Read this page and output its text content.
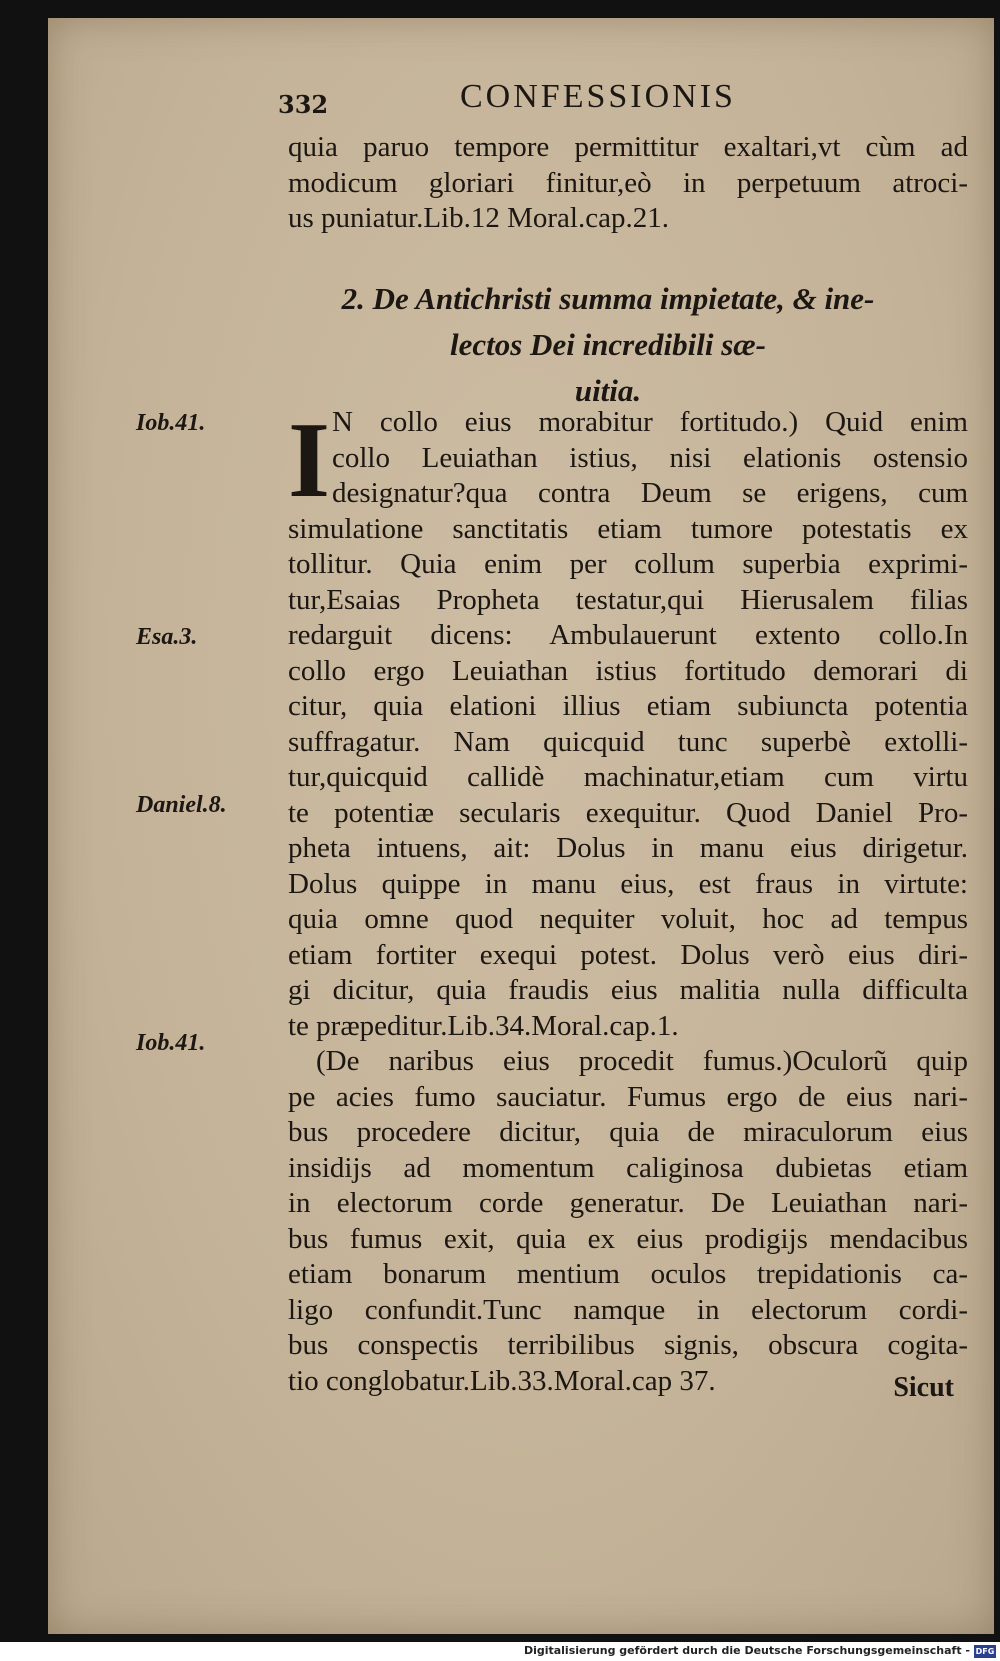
332	CONFESSIONIS
quia paruo tempore permittitur exaltari,vt cùm ad
modicum gloriari finitur,eò in perpetuum atroci-
us puniatur.Lib.12 Moral.cap.21.
2. De Antichristi summa impietate, & ine-
lectos Dei incredibili sæ-
uitia.
I N collo eius morabitur fortitudo.) Quid enim
collo Leuiathan istius, nisi elationis ostensio
designatur?qua contra Deum se erigens, cum
simulatione sanctitatis etiam tumore potestatis ex
tollitur. Quia enim per collum superbia exprimi-
tur,Esaias Propheta testatur,qui Hierusalem filias
redarguit dicens: Ambulauerunt extento collo.In
collo ergo Leuiathan istius fortitudo demorari di
citur, quia elationi illius etiam subiuncta potentia
suffragatur. Nam quicquid tunc superbè extolli-
tur,quicquid callidè machinatur,etiam cum virtu
te potentiæ secularis exequitur. Quod Daniel Pro-
pheta intuens, ait: Dolus in manu eius dirigetur.
Dolus quippe in manu eius, est fraus in virtute:
quia omne quod nequiter voluit, hoc ad tempus
etiam fortiter exequi potest. Dolus verò eius diri-
gi dicitur, quia fraudis eius malitia nulla difficulta
te præpeditur.Lib.34.Moral.cap.1.
(De naribus eius procedit fumus.)Oculorũ quip
pe acies fumo sauciatur. Fumus ergo de eius nari-
bus procedere dicitur, quia de miraculorum eius
insidijs ad momentum caliginosa dubietas etiam
in electorum corde generatur. De Leuiathan nari-
bus fumus exit, quia ex eius prodigijs mendacibus
etiam bonarum mentium oculos trepidationis ca-
ligo confundit.Tunc namque in electorum cordi-
bus conspectis terribilibus signis, obscura cogita-
tio conglobatur.Lib.33.Moral.cap 37.
Iob.41.
Esa.3.
Daniel.8.
Iob.41.
Sicut
Digitalisierung gefördert durch die Deutsche Forschungsgemeinschaft - DFG
